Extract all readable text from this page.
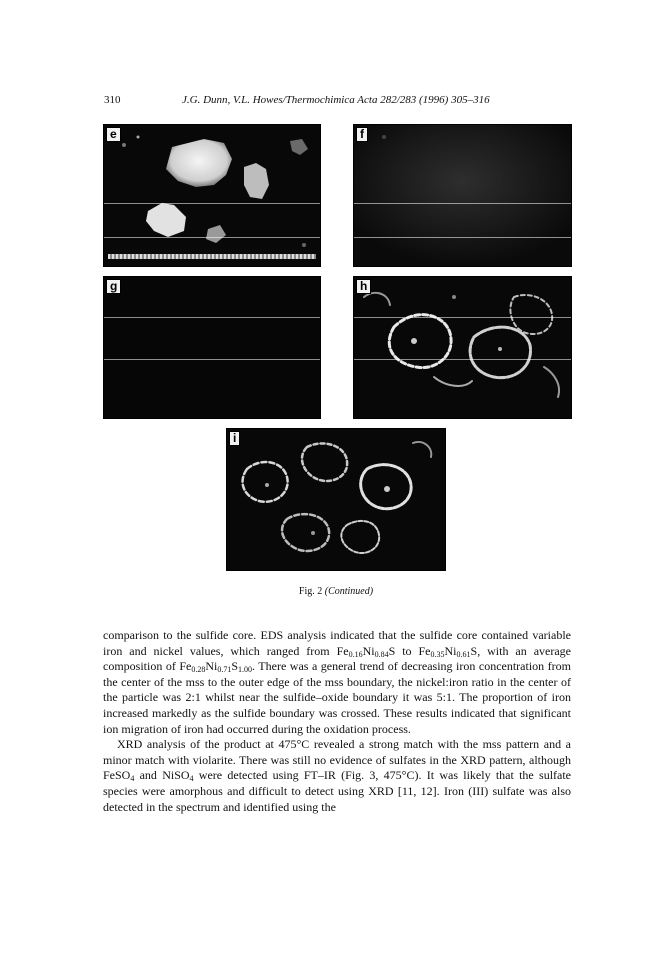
310	J.G. Dunn, V.L. Howes/Thermochimica Acta 282/283 (1996) 305–316
e	f
g	h
i
Fig. 2 (Continued)

comparison to the sulfide core. EDS analysis indicated that the sulfide core contained variable iron and nickel values, which ranged from $Fe_{0.16}Ni_{0.84}S$ to $Fe_{0.35}Ni_{0.61}S$, with an average composition of $Fe_{0.28}Ni_{0.71}S_{1.00}$. There was a general trend of decreasing iron concentration from the center of the mss to the outer edge of the mss boundary, the nickel:iron ratio in the center of the particle was 2:1 whilst near the sulfide–oxide boundary it was 5:1. The proportion of iron increased markedly as the sulfide boundary was crossed. These results indicated that significant ion migration of iron had occurred during the oxidation process.

XRD analysis of the product at 475°C revealed a strong match with the mss pattern and a minor match with violarite. There was still no evidence of sulfates in the XRD pattern, although FeSO$_4$ and NiSO$_4$ were detected using FT–IR (Fig. 3, 475°C). It was likely that the sulfate species were amorphous and difficult to detect using XRD [11, 12]. Iron (III) sulfate was also detected in the spectrum and identified using the
